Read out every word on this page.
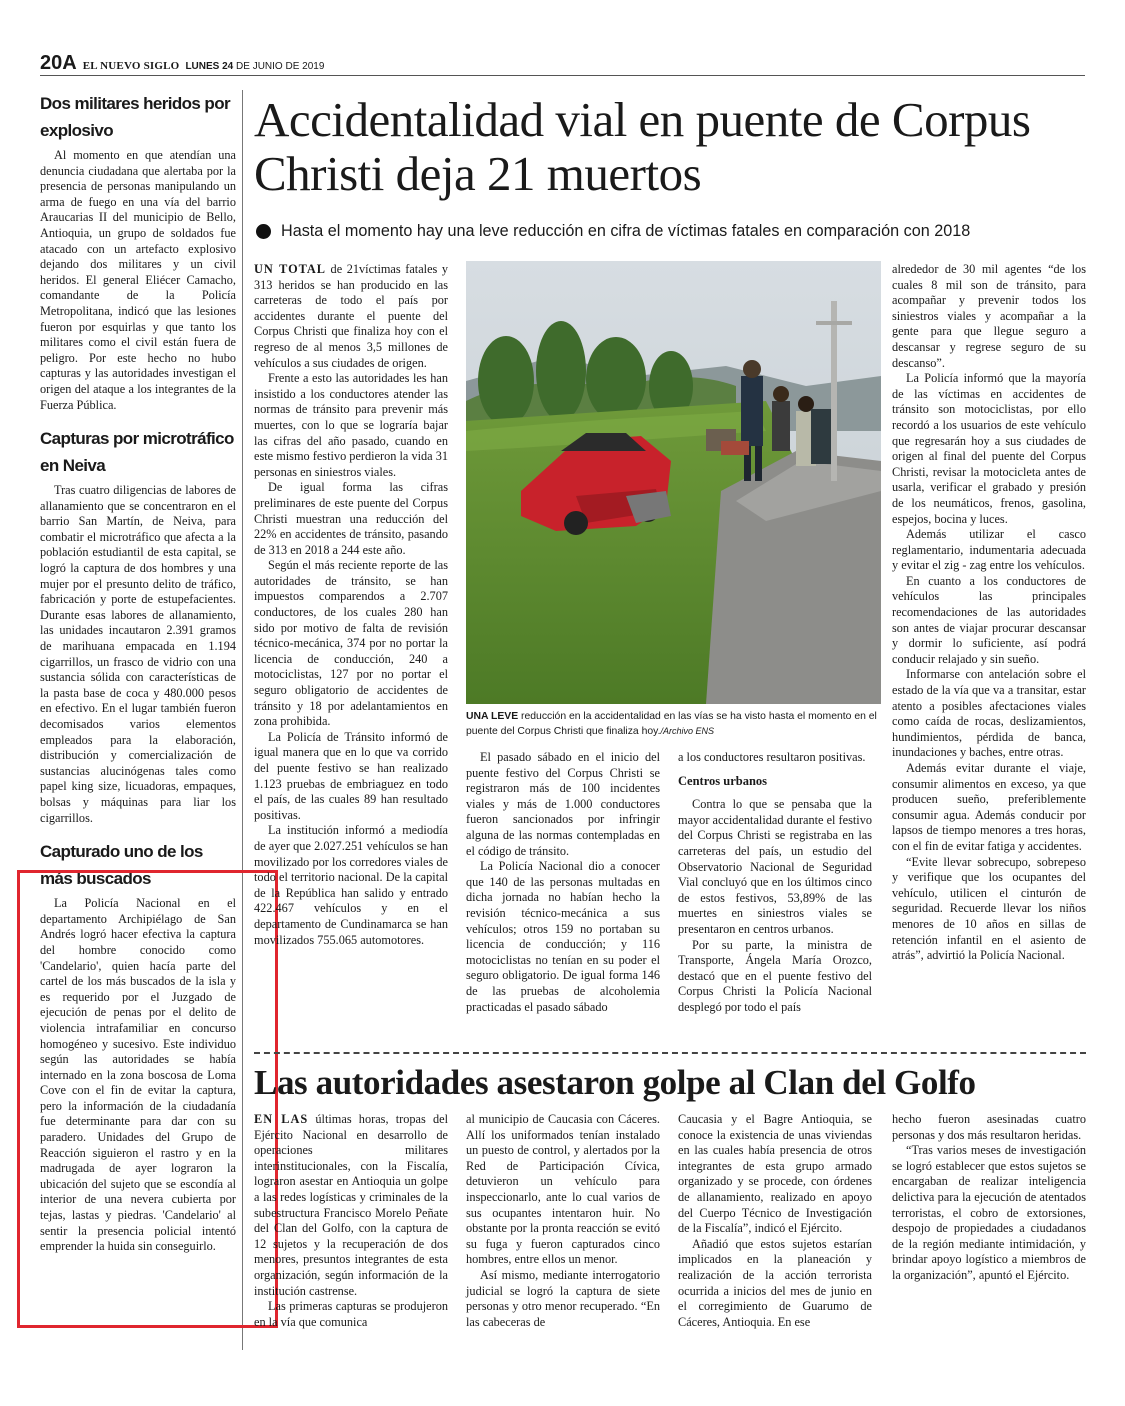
20A EL NUEVO SIGLO LUNES 24 DE JUNIO DE 2019
Dos militares heridos por explosivo

Al momento en que atendían una denuncia ciudadana que alertaba por la presencia de personas manipulando un arma de fuego en una vía del barrio Araucarias II del municipio de Bello, Antioquia, un grupo de soldados fue atacado con un artefacto explosivo dejando dos militares y un civil heridos. El general Eliécer Camacho, comandante de la Policía Metropolitana, indicó que las lesiones fueron por esquirlas y que tanto los militares como el civil están fuera de peligro. Por este hecho no hubo capturas y las autoridades investigan el origen del ataque a los integrantes de la Fuerza Pública.

Capturas por microtráfico en Neiva

Tras cuatro diligencias de labores de allanamiento que se concentraron en el barrio San Martín, de Neiva, para combatir el microtráfico que afecta a la población estudiantil de esta capital, se logró la captura de dos hombres y una mujer por el presunto delito de tráfico, fabricación y porte de estupefacientes. Durante esas labores de allanamiento, las unidades incautaron 2.391 gramos de marihuana empacada en 1.194 cigarrillos, un frasco de vidrio con una sustancia sólida con características de la pasta base de coca y 480.000 pesos en efectivo. En el lugar también fueron decomisados varios elementos empleados para la elaboración, distribución y comercialización de sustancias alucinógenas tales como papel king size, licuadoras, empaques, bolsas y máquinas para liar los cigarrillos.

Capturado uno de los más buscados

La Policía Nacional en el departamento Archipiélago de San Andrés logró hacer efectiva la captura del hombre conocido como 'Candelario', quien hacía parte del cartel de los más buscados de la isla y es requerido por el Juzgado de ejecución de penas por el delito de violencia intrafamiliar en concurso homogéneo y sucesivo. Este individuo según las autoridades se había internado en la zona boscosa de Loma Cove con el fin de evitar la captura, pero la información de la ciudadanía fue determinante para dar con su paradero. Unidades del Grupo de Reacción siguieron el rastro y en la madrugada de ayer lograron la ubicación del sujeto que se escondía al interior de una nevera cubierta por tejas, lastas y piedras. 'Candelario' al sentir la presencia policial intentó emprender la huida sin conseguirlo.

Accidentalidad vial en puente de Corpus Christi deja 21 muertos
Hasta el momento hay una leve reducción en cifra de víctimas fatales en comparación con 2018

UN TOTAL de 21víctimas fatales y 313 heridos se han producido en las carreteras de todo el país por accidentes durante el puente del Corpus Christi que finaliza hoy con el regreso de al menos 3,5 millones de vehículos a sus ciudades de origen.

Frente a esto las autoridades les han insistido a los conductores atender las normas de tránsito para prevenir más muertes, con lo que se lograría bajar las cifras del año pasado, cuando en este mismo festivo perdieron la vida 31 personas en siniestros viales.

De igual forma las cifras preliminares de este puente del Corpus Christi muestran una reducción del 22% en accidentes de tránsito, pasando de 313 en 2018 a 244 este año.

Según el más reciente reporte de las autoridades de tránsito, se han impuestos comparendos a 2.707 conductores, de los cuales 280 han sido por motivo de falta de revisión técnico-mecánica, 374 por no portar la licencia de conducción, 240 a motociclistas, 127 por no portar el seguro obligatorio de accidentes de tránsito y 18 por adelantamientos en zona prohibida.

La Policía de Tránsito informó de igual manera que en lo que va corrido del puente festivo se han realizado 1.123 pruebas de embriaguez en todo el país, de las cuales 89 han resultado positivas.

La institución informó a mediodía de ayer que 2.027.251 vehículos se han movilizado por los corredores viales de todo el territorio nacional. De la capital de la República han salido y entrado 422.467 vehículos y en el departamento de Cundinamarca se han movilizados 755.065 automotores.

UNA LEVE reducción en la accidentalidad en las vías se ha visto hasta el momento en el puente del Corpus Christi que finaliza hoy./Archivo ENS

El pasado sábado en el inicio del puente festivo del Corpus Christi se registraron más de 100 incidentes viales y más de 1.000 conductores fueron sancionados por infringir alguna de las normas contempladas en el código de tránsito.

La Policía Nacional dio a conocer que 140 de las personas multadas en dicha jornada no habían hecho la revisión técnico-mecánica a sus vehículos; otros 159 no portaban su licencia de conducción; y 116 motociclistas no tenían en su poder el seguro obligatorio. De igual forma 146 de las pruebas de alcoholemia practicadas el pasado sábado

a los conductores resultaron positivas.

Centros urbanos

Contra lo que se pensaba que la mayor accidentalidad durante el festivo del Corpus Christi se registraba en las carreteras del país, un estudio del Observatorio Nacional de Seguridad Vial concluyó que en los últimos cinco de estos festivos, 53,89% de las muertes en siniestros viales se presentaron en centros urbanos.

Por su parte, la ministra de Transporte, Ángela María Orozco, destacó que en el puente festivo del Corpus Christi la Policía Nacional desplegó por todo el país

alrededor de 30 mil agentes “de los cuales 8 mil son de tránsito, para acompañar y prevenir todos los siniestros viales y acompañar a la gente para que llegue seguro a descansar y regrese seguro de su descanso”.

La Policía informó que la mayoría de las víctimas en accidentes de tránsito son motociclistas, por ello recordó a los usuarios de este vehículo que regresarán hoy a sus ciudades de origen al final del puente del Corpus Christi, revisar la motocicleta antes de usarla, verificar el grabado y presión de los neumáticos, frenos, gasolina, espejos, bocina y luces.

Además utilizar el casco reglamentario, indumentaria adecuada y evitar el zig - zag entre los vehículos.

En cuanto a los conductores de vehículos las principales recomendaciones de las autoridades son antes de viajar procurar descansar y dormir lo suficiente, así podrá conducir relajado y sin sueño.

Informarse con antelación sobre el estado de la vía que va a transitar, estar atento a posibles afectaciones viales como caída de rocas, deslizamientos, hundimientos, pérdida de banca, inundaciones y baches, entre otras.

Además evitar durante el viaje, consumir alimentos en exceso, ya que producen sueño, preferiblemente consumir agua. Además conducir por lapsos de tiempo menores a tres horas, con el fin de evitar fatiga y accidentes.

“Evite llevar sobrecupo, sobrepeso y verifique que los ocupantes del vehículo, utilicen el cinturón de seguridad. Recuerde llevar los niños menores de 10 años en sillas de retención infantil en el asiento de atrás”, advirtió la Policía Nacional.

Las autoridades asestaron golpe al Clan del Golfo

EN LAS últimas horas, tropas del Ejército Nacional en desarrollo de operaciones militares interinstitucionales, con la Fiscalía, lograron asestar en Antioquia un golpe a las redes logísticas y criminales de la subestructura Francisco Morelo Peñate del Clan del Golfo, con la captura de 12 sujetos y la recuperación de dos menores, presuntos integrantes de esta organización, según información de la institución castrense.

Las primeras capturas se produjeron en la vía que comunica

al municipio de Caucasia con Cáceres. Allí los uniformados tenían instalado un puesto de control, y alertados por la Red de Participación Cívica, detuvieron un vehículo para inspeccionarlo, ante lo cual varios de sus ocupantes intentaron huir. No obstante por la pronta reacción se evitó su fuga y fueron capturados cinco hombres, entre ellos un menor.

Así mismo, mediante interrogatorio judicial se logró la captura de siete personas y otro menor recuperado. “En las cabeceras de

Caucasia y el Bagre Antioquia, se conoce la existencia de unas viviendas en las cuales había presencia de otros integrantes de esta grupo armado organizado y se procede, con órdenes de allanamiento, realizado en apoyo del Cuerpo Técnico de Investigación de la Fiscalía”, indicó el Ejército.

Añadió que estos sujetos estarían implicados en la planeación y realización de la acción terrorista ocurrida a inicios del mes de junio en el corregimiento de Guarumo de Cáceres, Antioquia. En ese

hecho fueron asesinadas cuatro personas y dos más resultaron heridas.

“Tras varios meses de investigación se logró establecer que estos sujetos se encargaban de realizar inteligencia delictiva para la ejecución de atentados terroristas, el cobro de extorsiones, despojo de propiedades a ciudadanos de la región mediante intimidación, y brindar apoyo logístico a miembros de la organización”, apuntó el Ejército.
